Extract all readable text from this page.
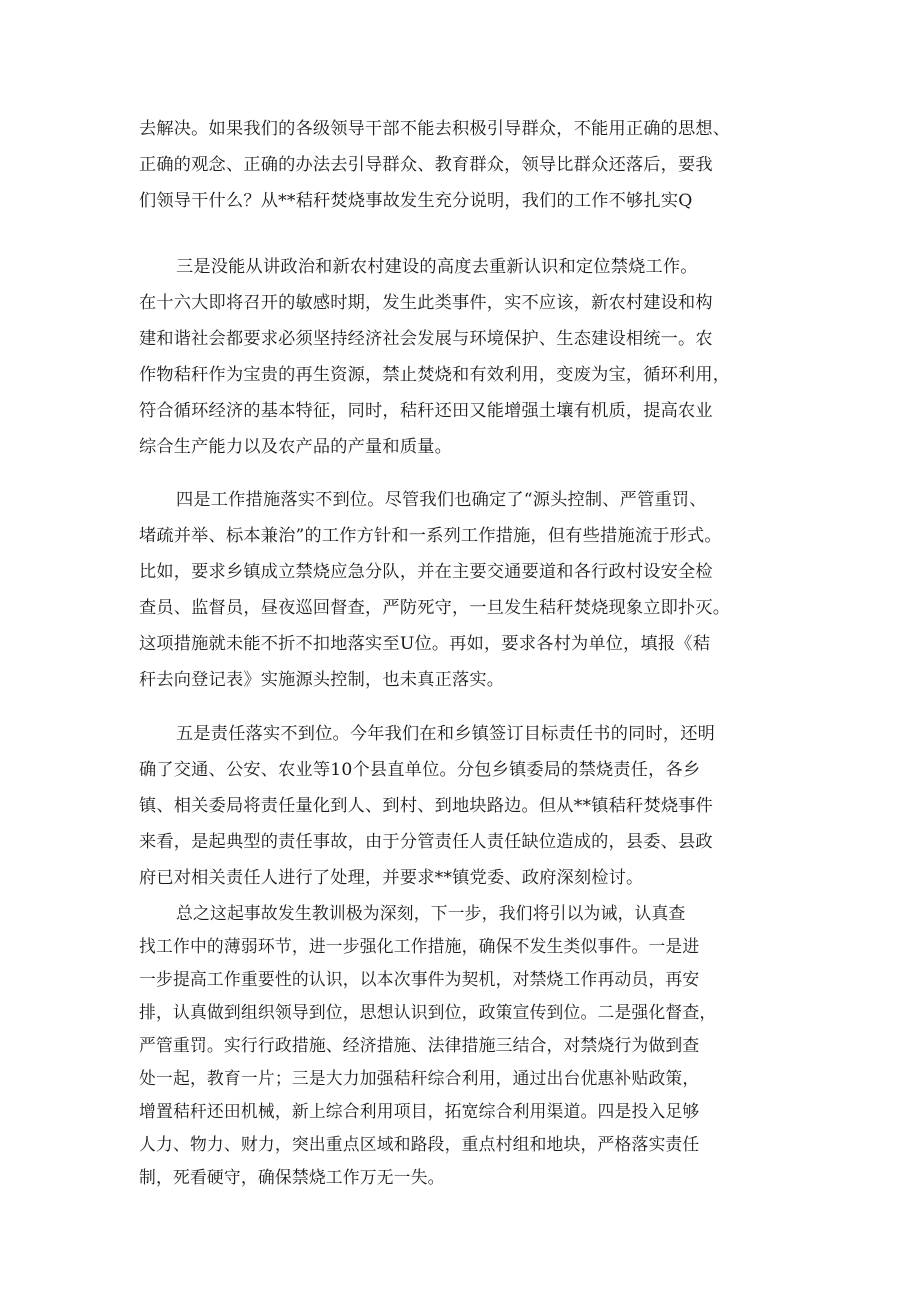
去解决。如果我们的各级领导干部不能去积极引导群众，不能用正确的思想、
正确的观念、正确的办法去引导群众、教育群众，领导比群众还落后，要我
们领导干什么？从**秸秆焚烧事故发生充分说明，我们的工作不够扎实Q
三是没能从讲政治和新农村建设的高度去重新认识和定位禁烧工作。
在十六大即将召开的敏感时期，发生此类事件，实不应该，新农村建设和构
建和谐社会都要求必须坚持经济社会发展与环境保护、生态建设相统一。农
作物秸秆作为宝贵的再生资源，禁止焚烧和有效利用，变废为宝，循环利用，
符合循环经济的基本特征，同时，秸秆还田又能增强土壤有机质，提高农业
综合生产能力以及农产品的产量和质量。
四是工作措施落实不到位。尽管我们也确定了“源头控制、严管重罚、
堵疏并举、标本兼治”的工作方针和一系列工作措施，但有些措施流于形式。
比如，要求乡镇成立禁烧应急分队，并在主要交通要道和各行政村设安全检
查员、监督员，昼夜巡回督查，严防死守，一旦发生秸秆焚烧现象立即扑灭。
这项措施就未能不折不扣地落实至U位。再如，要求各村为单位，填报《秸
秆去向登记表》实施源头控制，也未真正落实。
五是责任落实不到位。今年我们在和乡镇签订目标责任书的同时，还明
确了交通、公安、农业等10个县直单位。分包乡镇委局的禁烧责任，各乡
镇、相关委局将责任量化到人、到村、到地块路边。但从**镇秸秆焚烧事件
来看，是起典型的责任事故，由于分管责任人责任缺位造成的，县委、县政
府已对相关责任人进行了处理，并要求**镇党委、政府深刻检讨。
总之这起事故发生教训极为深刻，下一步，我们将引以为诫，认真查
找工作中的薄弱环节，进一步强化工作措施，确保不发生类似事件。一是进
一步提高工作重要性的认识，以本次事件为契机，对禁烧工作再动员，再安
排，认真做到组织领导到位，思想认识到位，政策宣传到位。二是强化督查，
严管重罚。实行行政措施、经济措施、法律措施三结合，对禁烧行为做到查
处一起，教育一片；三是大力加强秸秆综合利用，通过出台优惠补贴政策，
增置秸秆还田机械，新上综合利用项目，拓宽综合利用渠道。四是投入足够
人力、物力、财力，突出重点区域和路段，重点村组和地块，严格落实责任
制，死看硬守，确保禁烧工作万无一失。
